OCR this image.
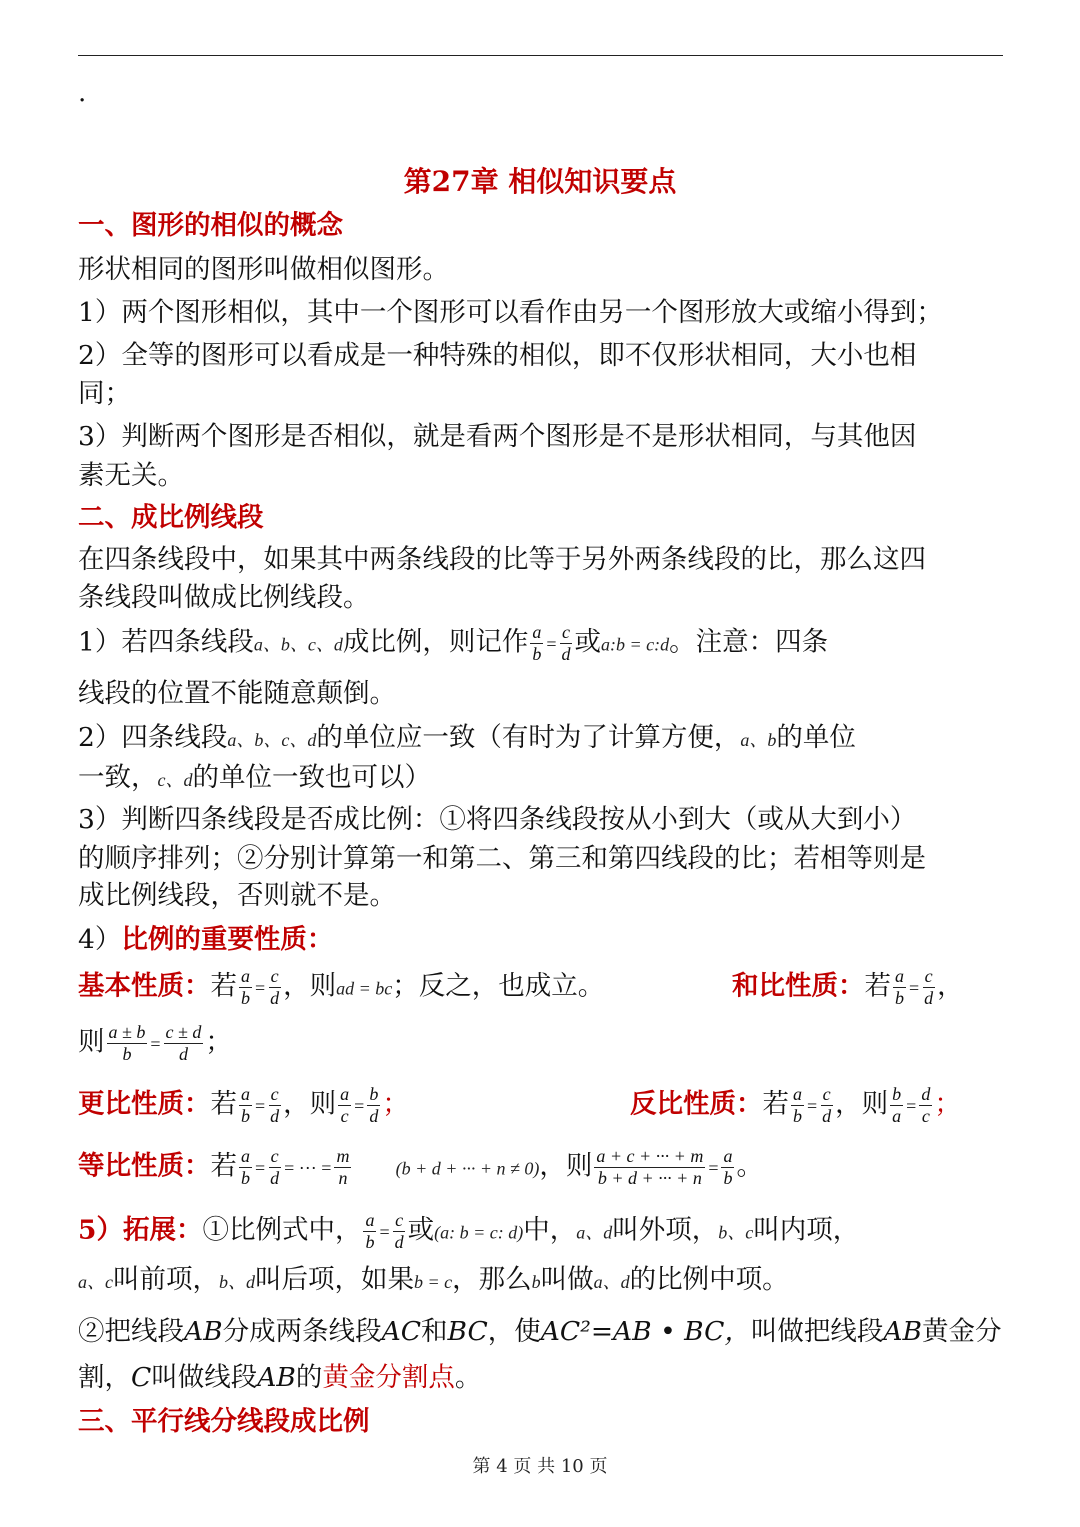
.
第27章 相似知识要点
一、图形的相似的概念
形状相同的图形叫做相似图形。
1）两个图形相似，其中一个图形可以看作由另一个图形放大或缩小得到；
2）全等的图形可以看成是一种特殊的相似，即不仅形状相同，大小也相
同；
3）判断两个图形是否相似，就是看两个图形是不是形状相同，与其他因
素无关。
二、成比例线段
在四条线段中，如果其中两条线段的比等于另外两条线段的比，那么这四
条线段叫做成比例线段。
1）若四条线段a、b、c、d成比例，则记作 $\frac{a}{b} = \frac{c}{d}$ 或a:b = c:d。注意：四条
线段的位置不能随意颠倒。
2）四条线段a、b、c、d的单位应一致（有时为了计算方便，a、b的单位
一致，c、d的单位一致也可以）
3）判断四条线段是否成比例：①将四条线段按从小到大（或从大到小）
的顺序排列；②分别计算第一和第二、第三和第四线段的比；若相等则是
成比例线段，否则就不是。
4）比例的重要性质：
基本性质：若 $\frac{a}{b} = \frac{c}{d}$ ，则ad = bc；反之，也成立。	和比性质：若 $\frac{a}{b} = \frac{c}{d}$ ，
则 $\frac{a \pm b}{b} = \frac{c \pm d}{d}$ ；
更比性质：若 $\frac{a}{b} = \frac{c}{d}$ ，则 $\frac{a}{c} = \frac{b}{d}$ ；	反比性质：若 $\frac{a}{b} = \frac{c}{d}$ ，则 $\frac{b}{a} = \frac{d}{c}$ ；
等比性质：若 $\frac{a}{b} = \frac{c}{d}$ = ··· = $\frac{m}{n} (b + d$ + ··· + n ≠ 0)，则 $\frac{a + c + \cdot\cdot\cdot + m}{b + d + \cdot\cdot\cdot + n} = \frac{a}{b}$ 。
5）拓展：①比例式中， $\frac{a}{b} = \frac{c}{d}$ 或(a: b = c: d)中，a、d叫外项，b、c叫内项，
a、c叫前项，b、d叫后项，如果b = c，那么b叫做a、d的比例中项。
②把线段AB分成两条线段AC和BC，使AC²=AB • BC，叫做把线段AB黄金分
割，C叫做线段AB的黄金分割点。
三、平行线分线段成比例
第 4 页 共 10 页
